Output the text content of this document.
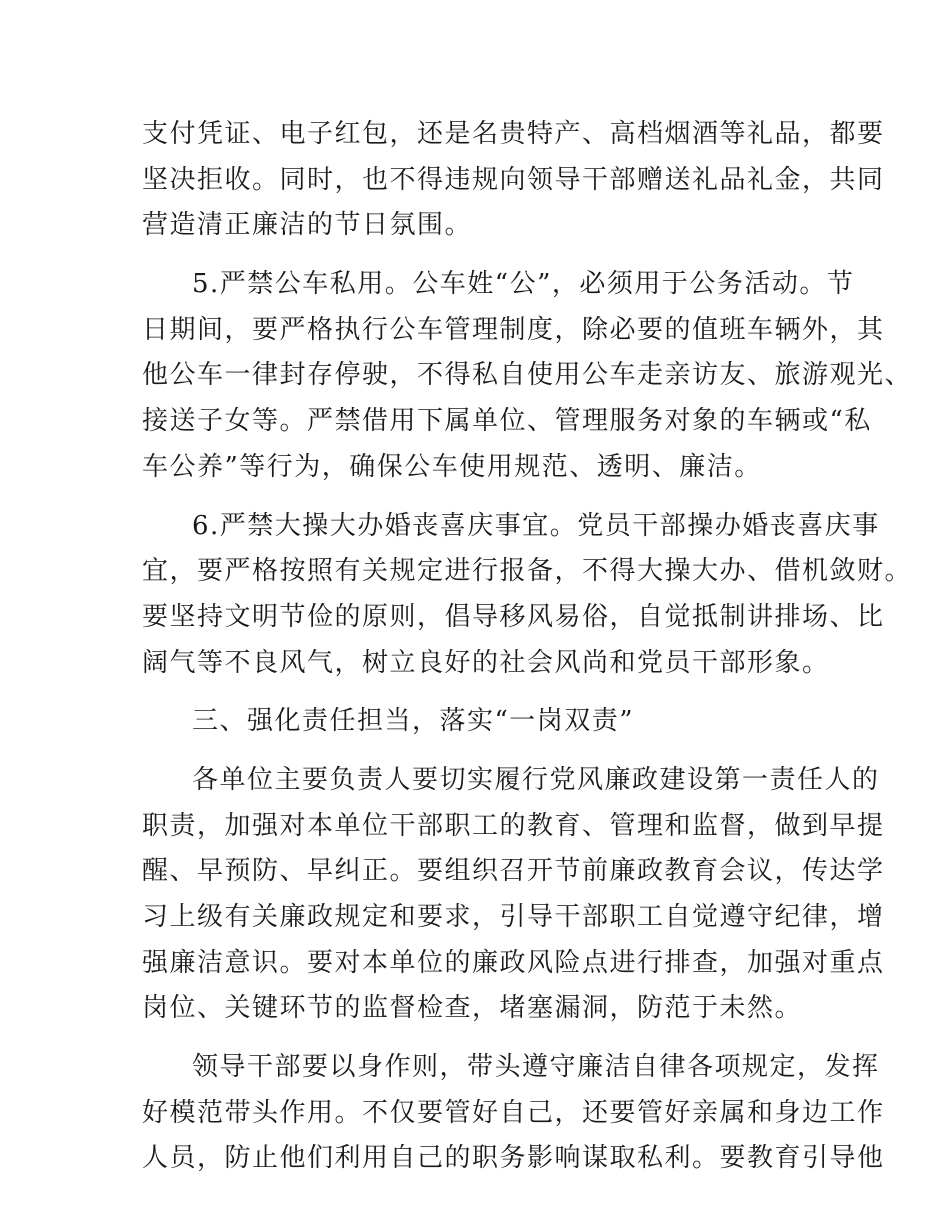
支付凭证、电子红包，还是名贵特产、高档烟酒等礼品，都要
坚决拒收。同时，也不得违规向领导干部赠送礼品礼金，共同
营造清正廉洁的节日氛围。
5.严禁公车私用。公车姓“公”，必须用于公务活动。节
日期间，要严格执行公车管理制度，除必要的值班车辆外，其
他公车一律封存停驶，不得私自使用公车走亲访友、旅游观光、
接送子女等。严禁借用下属单位、管理服务对象的车辆或“私
车公养”等行为，确保公车使用规范、透明、廉洁。
6.严禁大操大办婚丧喜庆事宜。党员干部操办婚丧喜庆事
宜，要严格按照有关规定进行报备，不得大操大办、借机敛财。
要坚持文明节俭的原则，倡导移风易俗，自觉抵制讲排场、比
阔气等不良风气，树立良好的社会风尚和党员干部形象。
三、强化责任担当，落实“一岗双责”
各单位主要负责人要切实履行党风廉政建设第一责任人的
职责，加强对本单位干部职工的教育、管理和监督，做到早提
醒、早预防、早纠正。要组织召开节前廉政教育会议，传达学
习上级有关廉政规定和要求，引导干部职工自觉遵守纪律，增
强廉洁意识。要对本单位的廉政风险点进行排查，加强对重点
岗位、关键环节的监督检查，堵塞漏洞，防范于未然。
领导干部要以身作则，带头遵守廉洁自律各项规定，发挥
好模范带头作用。不仅要管好自己，还要管好亲属和身边工作
人员，防止他们利用自己的职务影响谋取私利。要教育引导他
